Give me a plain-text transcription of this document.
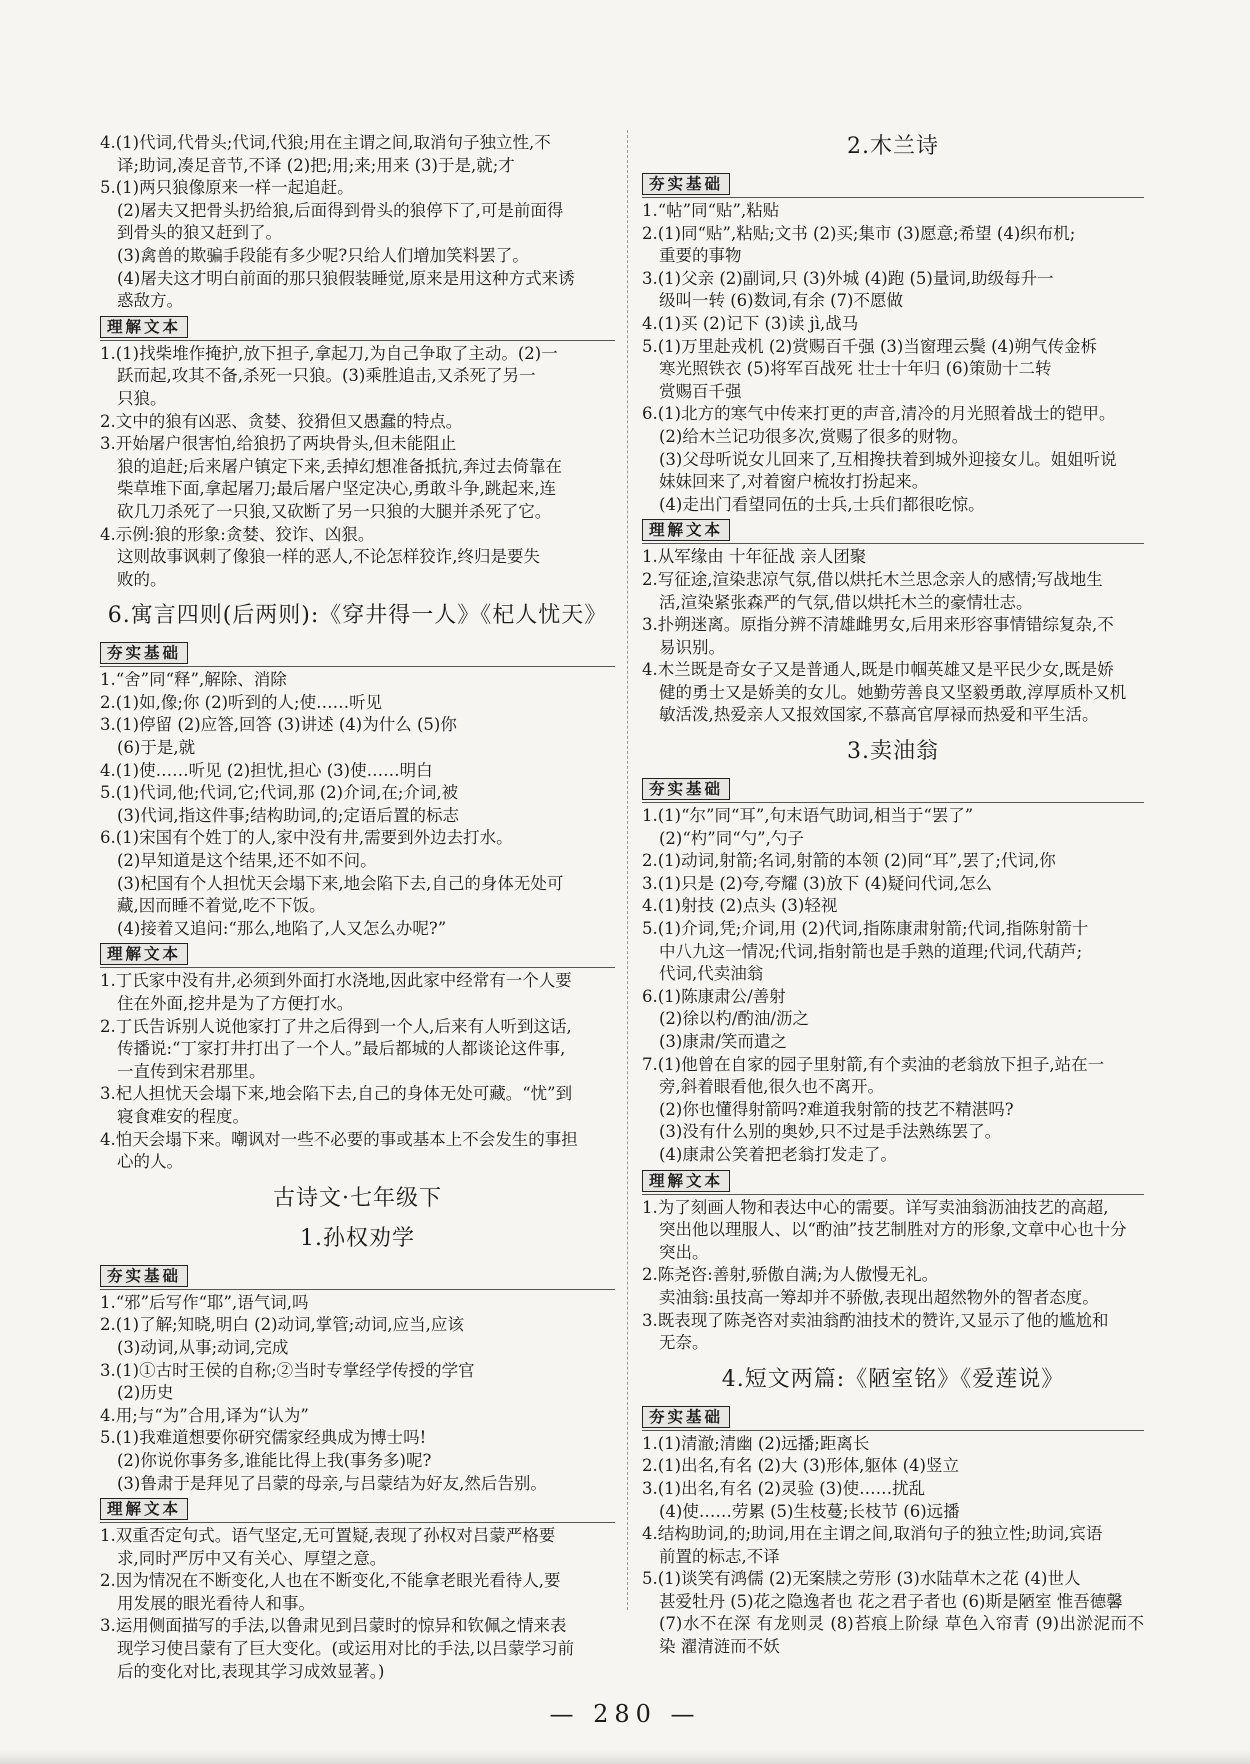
4.(1)代词,代骨头;代词,代狼;用在主谓之间,取消句子独立性,不

译;助词,凑足音节,不译 (2)把;用;来;用来 (3)于是,就;才

5.(1)两只狼像原来一样一起追赶。

(2)屠夫又把骨头扔给狼,后面得到骨头的狼停下了,可是前面得

到骨头的狼又赶到了。

(3)禽兽的欺骗手段能有多少呢?只给人们增加笑料罢了。

(4)屠夫这才明白前面的那只狼假装睡觉,原来是用这种方式来诱

惑敌方。

理解文本

1.(1)找柴堆作掩护,放下担子,拿起刀,为自己争取了主动。(2)一

跃而起,攻其不备,杀死一只狼。(3)乘胜追击,又杀死了另一

只狼。

2.文中的狼有凶恶、贪婪、狡猾但又愚蠢的特点。

3.开始屠户很害怕,给狼扔了两块骨头,但未能阻止

狼的追赶;后来屠户镇定下来,丢掉幻想准备抵抗,奔过去倚靠在

柴草堆下面,拿起屠刀;最后屠户坚定决心,勇敢斗争,跳起来,连

砍几刀杀死了一只狼,又砍断了另一只狼的大腿并杀死了它。

4.示例:狼的形象:贪婪、狡诈、凶狠。

这则故事讽刺了像狼一样的恶人,不论怎样狡诈,终归是要失

败的。

6.寓言四则(后两则):《穿井得一人》《杞人忧天》
夯实基础

1.“舍”同“释”,解除、消除

2.(1)如,像;你 (2)听到的人;使……听见

3.(1)停留 (2)应答,回答 (3)讲述 (4)为什么 (5)你

(6)于是,就

4.(1)使……听见 (2)担忧,担心 (3)使……明白

5.(1)代词,他;代词,它;代词,那 (2)介词,在;介词,被

(3)代词,指这件事;结构助词,的;定语后置的标志

6.(1)宋国有个姓丁的人,家中没有井,需要到外边去打水。

(2)早知道是这个结果,还不如不问。

(3)杞国有个人担忧天会塌下来,地会陷下去,自己的身体无处可

藏,因而睡不着觉,吃不下饭。

(4)接着又追问:“那么,地陷了,人又怎么办呢?”

理解文本

1.丁氏家中没有井,必须到外面打水浇地,因此家中经常有一个人要

住在外面,挖井是为了方便打水。

2.丁氏告诉别人说他家打了井之后得到一个人,后来有人听到这话,

传播说:“丁家打井打出了一个人。”最后都城的人都谈论这件事,

一直传到宋君那里。

3.杞人担忧天会塌下来,地会陷下去,自己的身体无处可藏。“忧”到

寝食难安的程度。

4.怕天会塌下来。嘲讽对一些不必要的事或基本上不会发生的事担

心的人。

古诗文·七年级下
1.孙权劝学
夯实基础

1.“邪”后写作“耶”,语气词,吗

2.(1)了解;知晓,明白 (2)动词,掌管;动词,应当,应该

(3)动词,从事;动词,完成

3.(1)①古时王侯的自称;②当时专掌经学传授的学官

(2)历史

4.用;与“为”合用,译为“认为”

5.(1)我难道想要你研究儒家经典成为博士吗!

(2)你说你事务多,谁能比得上我(事务多)呢?

(3)鲁肃于是拜见了吕蒙的母亲,与吕蒙结为好友,然后告别。

理解文本

1.双重否定句式。语气坚定,无可置疑,表现了孙权对吕蒙严格要

求,同时严厉中又有关心、厚望之意。

2.因为情况在不断变化,人也在不断变化,不能拿老眼光看待人,要

用发展的眼光看待人和事。

3.运用侧面描写的手法,以鲁肃见到吕蒙时的惊异和钦佩之情来表

现学习使吕蒙有了巨大变化。(或运用对比的手法,以吕蒙学习前

后的变化对比,表现其学习成效显著。)

2.木兰诗
夯实基础

1.“帖”同“贴”,粘贴

2.(1)同“贴”,粘贴;文书 (2)买;集市 (3)愿意;希望 (4)织布机;

重要的事物

3.(1)父亲 (2)副词,只 (3)外城 (4)跑 (5)量词,助级每升一

级叫一转 (6)数词,有余 (7)不愿做

4.(1)买 (2)记下 (3)读 jì,战马

5.(1)万里赴戎机 (2)赏赐百千强 (3)当窗理云鬓 (4)朔气传金柝

寒光照铁衣 (5)将军百战死 壮士十年归 (6)策勋十二转

赏赐百千强

6.(1)北方的寒气中传来打更的声音,清冷的月光照着战士的铠甲。

(2)给木兰记功很多次,赏赐了很多的财物。

(3)父母听说女儿回来了,互相搀扶着到城外迎接女儿。姐姐听说

妹妹回来了,对着窗户梳妆打扮起来。

(4)走出门看望同伍的士兵,士兵们都很吃惊。

理解文本

1.从军缘由 十年征战 亲人团聚

2.写征途,渲染悲凉气氛,借以烘托木兰思念亲人的感情;写战地生

活,渲染紧张森严的气氛,借以烘托木兰的豪情壮志。

3.扑朔迷离。原指分辨不清雄雌男女,后用来形容事情错综复杂,不

易识别。

4.木兰既是奇女子又是普通人,既是巾帼英雄又是平民少女,既是娇

健的勇士又是娇美的女儿。她勤劳善良又坚毅勇敢,淳厚质朴又机

敏活泼,热爱亲人又报效国家,不慕高官厚禄而热爱和平生活。

3.卖油翁
夯实基础

1.(1)“尔”同“耳”,句末语气助词,相当于“罢了”

(2)“杓”同“勺”,勺子

2.(1)动词,射箭;名词,射箭的本领 (2)同“耳”,罢了;代词,你

3.(1)只是 (2)夸,夸耀 (3)放下 (4)疑问代词,怎么

4.(1)射技 (2)点头 (3)轻视

5.(1)介词,凭;介词,用 (2)代词,指陈康肃射箭;代词,指陈射箭十

中八九这一情况;代词,指射箭也是手熟的道理;代词,代葫芦;

代词,代卖油翁

6.(1)陈康肃公/善射

(2)徐以杓/酌油/沥之

(3)康肃/笑而遣之

7.(1)他曾在自家的园子里射箭,有个卖油的老翁放下担子,站在一

旁,斜着眼看他,很久也不离开。

(2)你也懂得射箭吗?难道我射箭的技艺不精湛吗?

(3)没有什么别的奥妙,只不过是手法熟练罢了。

(4)康肃公笑着把老翁打发走了。

理解文本

1.为了刻画人物和表达中心的需要。详写卖油翁沥油技艺的高超,

突出他以理服人、以“酌油”技艺制胜对方的形象,文章中心也十分

突出。

2.陈尧咨:善射,骄傲自满;为人傲慢无礼。

卖油翁:虽技高一筹却并不骄傲,表现出超然物外的智者态度。

3.既表现了陈尧咨对卖油翁酌油技术的赞许,又显示了他的尴尬和

无奈。

4.短文两篇:《陋室铭》《爱莲说》
夯实基础

1.(1)清澈;清幽 (2)远播;距离长

2.(1)出名,有名 (2)大 (3)形体,躯体 (4)竖立

3.(1)出名,有名 (2)灵验 (3)使……扰乱

(4)使……劳累 (5)生枝蔓;长枝节 (6)远播

4.结构助词,的;助词,用在主谓之间,取消句子的独立性;助词,宾语

前置的标志,不译

5.(1)谈笑有鸿儒 (2)无案牍之劳形 (3)水陆草木之花 (4)世人

甚爱牡丹 (5)花之隐逸者也 花之君子者也 (6)斯是陋室 惟吾德馨

(7)水不在深 有龙则灵 (8)苔痕上阶绿 草色入帘青 (9)出淤泥而不染 濯清涟而不妖

— 280 —
